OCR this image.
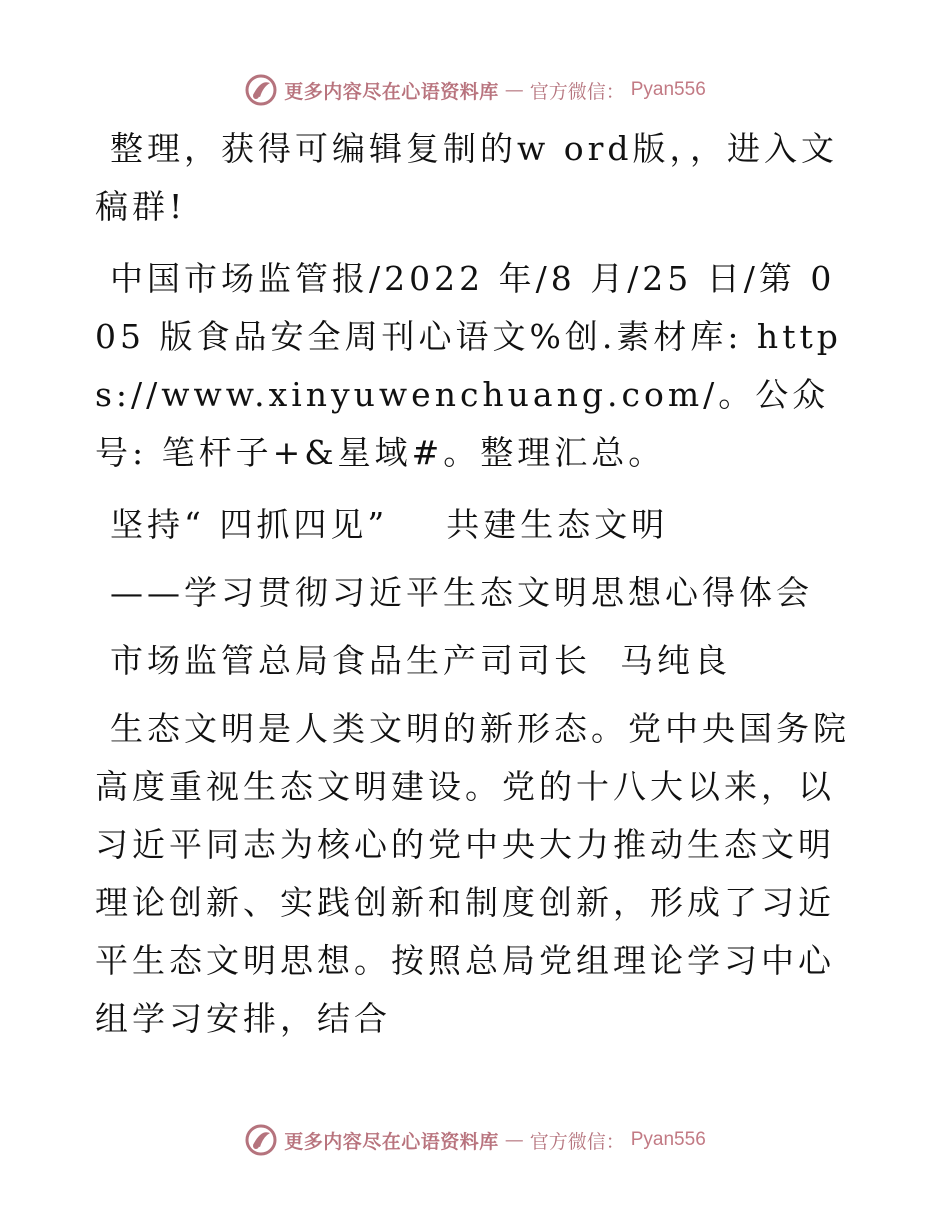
更多内容尽在心语资料库 — 官方微信： Pyan556

整理，获得可编辑复制的w ord版，，进入文稿群!

中国市场监管报/2022 年/8 月/25 日/第 005 版食品安全周刊心语文%创.素材库: https://www.xinyuwenchuang.com/。公众号: 笔杆子+&星域#。整理汇总。

坚持“ 四抓四见”    共建生态文明

——学习贯彻习近平生态文明思想心得体会

市场监管总局食品生产司司长  马纯良

生态文明是人类文明的新形态。党中央国务院高度重视生态文明建设。党的十八大以来，以习近平同志为核心的党中央大力推动生态文明理论创新、实践创新和制度创新，形成了习近平生态文明思想。按照总局党组理论学习中心组学习安排，结合

更多内容尽在心语资料库 — 官方微信： Pyan556
